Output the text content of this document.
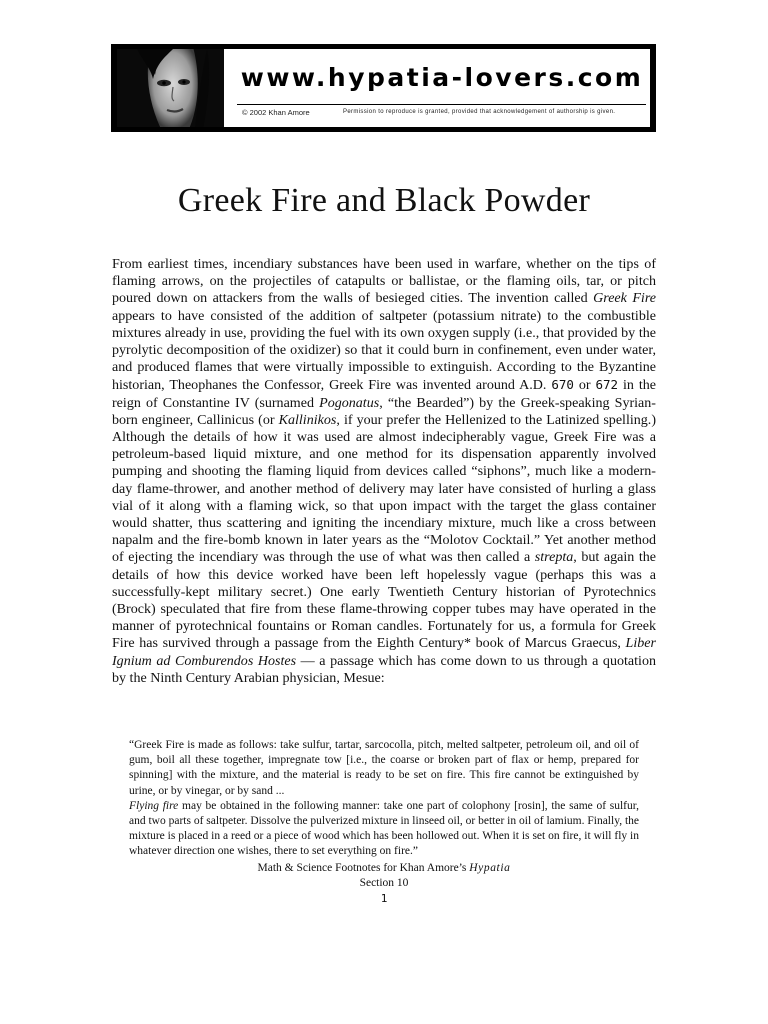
www.hypatia-lovers.com
© 2002 Khan Amore	Permission to reproduce is granted, provided that acknowledgement of authorship is given.
Greek Fire and Black Powder

From earliest times, incendiary substances have been used in warfare, whether on the tips of flaming arrows, on the projectiles of catapults or ballistae, or the flaming oils, tar, or pitch poured down on attackers from the walls of besieged cities. The invention called Greek Fire appears to have consisted of the addition of saltpeter (potassium nitrate) to the combustible mixtures already in use, providing the fuel with its own oxygen supply (i.e., that provided by the pyrolytic decomposition of the oxidizer) so that it could burn in confinement, even under water, and produced flames that were virtually impossible to extinguish. According to the Byzantine historian, Theophanes the Confessor, Greek Fire was invented around A.D. 670 or 672 in the reign of Constantine IV (surnamed Pogonatus, “the Bearded”) by the Greek-speaking Syrian-born engineer, Callinicus (or Kallinikos, if your prefer the Hellenized to the Latinized spelling.) Although the details of how it was used are almost indecipherably vague, Greek Fire was a petroleum-based liquid mixture, and one method for its dispensation apparently involved pumping and shooting the flaming liquid from devices called “siphons”, much like a modern-day flame-thrower, and another method of delivery may later have consisted of hurling a glass vial of it along with a flaming wick, so that upon impact with the target the glass container would shatter, thus scattering and igniting the incendiary mixture, much like a cross between napalm and the fire-bomb known in later years as the “Molotov Cocktail.” Yet another method of ejecting the incendiary was through the use of what was then called a strepta, but again the details of how this device worked have been left hopelessly vague (perhaps this was a successfully-kept military secret.) One early Twentieth Century historian of Pyrotechnics (Brock) speculated that fire from these flame-throwing copper tubes may have operated in the manner of pyrotechnical fountains or Roman candles. Fortunately for us, a formula for Greek Fire has survived through a passage from the Eighth Century* book of Marcus Graecus, Liber Ignium ad Comburendos Hostes — a passage which has come down to us through a quotation by the Ninth Century Arabian physician, Mesue:

“Greek Fire is made as follows: take sulfur, tartar, sarcocolla, pitch, melted saltpeter, petroleum oil, and oil of gum, boil all these together, impregnate tow [i.e., the coarse or broken part of flax or hemp, prepared for spinning] with the mixture, and the material is ready to be set on fire. This fire cannot be extinguished by urine, or by vinegar, or by sand ...

Flying fire may be obtained in the following manner: take one part of colophony [rosin], the same of sulfur, and two parts of saltpeter. Dissolve the pulverized mixture in linseed oil, or better in oil of lamium. Finally, the mixture is placed in a reed or a piece of wood which has been hollowed out. When it is set on fire, it will fly in whatever direction one wishes, there to set everything on fire.”

Math & Science Footnotes for Khan Amore’s Hypatia
Section 10
1
